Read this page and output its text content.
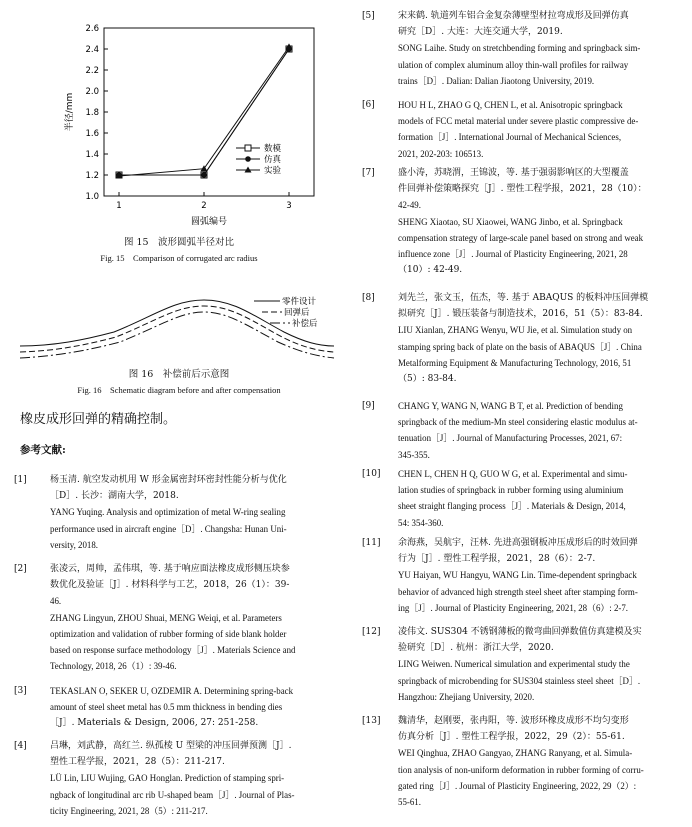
1.0
1.2
1.4
1.6
1.8
2.0
2.2
2.4
2.6
1	2	3
半径/mm
圆弧编号
数模
仿真
实验
图 15　波形圆弧半径对比
Fig. 15　Comparison of corrugated arc radius
零件设计
回弹后
补偿后
图 16　补偿前后示意图
Fig. 16　Schematic diagram before and after compensation
橡皮成形回弹的精确控制。
参考文献:
[1]	杨玉清. 航空发动机用 W 形金属密封环密封性能分析与优化
［D］. 长沙：湖南大学，2018.
YANG Yuqing. Analysis and optimization of metal W-ring sealing
performance used in aircraft engine［D］. Changsha: Hunan Uni-
versity, 2018.
[2]	张凌云，周帅，孟伟琪，等. 基于响应面法橡皮成形侧压块参
数优化及验证［J］. 材料科学与工艺，2018，26（1）：39-
46.
ZHANG Lingyun, ZHOU Shuai, MENG Weiqi, et al. Parameters
optimization and validation of rubber forming of side blank holder
based on response surface methodology［J］. Materials Science and
Technology, 2018, 26（1）: 39-46.
[3]	TEKASLAN O, SEKER U, OZDEMIR A. Determining spring-back
amount of steel sheet metal has 0.5 mm thickness in bending dies
［J］. Materials & Design, 2006, 27: 251-258.
[4]	吕琳，刘武静，高红兰. 纵孤棱 U 型梁的冲压回弹预测［J］.
塑性工程学报，2021，28（5）：211-217.
LÜ Lin, LIU Wujing, GAO Honglan. Prediction of stamping spri-
ngback of longitudinal arc rib U-shaped beam［J］. Journal of Plas-
ticity Engineering, 2021, 28（5）: 211-217.
[5]	宋来鹤. 轨道列车铝合金复杂薄壁型材拉弯成形及回弹仿真
研究［D］. 大连：大连交通大学，2019.
SONG Laihe. Study on stretchbending forming and springback sim-
ulation of complex aluminum alloy thin-wall profiles for railway
trains［D］. Dalian: Dalian Jiaotong University, 2019.
[6]	HOU H L, ZHAO G Q, CHEN L, et al. Anisotropic springback
models of FCC metal material under severe plastic compressive de-
formation［J］. International Journal of Mechanical Sciences,
2021, 202-203: 106513.
[7]	盛小涛，苏晓渭，王锦波，等. 基于强弱影响区的大型覆盖
件回弹补偿策略探究［J］. 塑性工程学报，2021，28（10）：
42-49.
SHENG Xiaotao, SU Xiaowei, WANG Jinbo, et al. Springback
compensation strategy of large-scale panel based on strong and weak
influence zone［J］. Journal of Plasticity Engineering, 2021, 28
（10）: 42-49.
[8]	刘先兰，张文玉，伍杰，等. 基于 ABAQUS 的板料冲压回弹模
拟研究［J］. 锻压装备与制造技术，2016，51（5）：83-84.
LIU Xianlan, ZHANG Wenyu, WU Jie, et al. Simulation study on
stamping spring back of plate on the basis of ABAQUS［J］. China
Metalforming Equipment & Manufacturing Technology, 2016, 51
（5）: 83-84.
[9]	CHANG Y, WANG N, WANG B T, et al. Prediction of bending
springback of the medium-Mn steel considering elastic modulus at-
tenuation［J］. Journal of Manufacturing Processes, 2021, 67:
345-355.
[10]	CHEN L, CHEN H Q, GUO W G, et al. Experimental and simu-
lation studies of springback in rubber forming using aluminium
sheet straight flanging process［J］. Materials & Design, 2014,
54: 354-360.
[11]	余海燕，吴航宇，汪林. 先进高强钢板冲压成形后的时效回弹
行为［J］. 塑性工程学报，2021，28（6）：2-7.
YU Haiyan, WU Hangyu, WANG Lin. Time-dependent springback
behavior of advanced high strength steel sheet after stamping form-
ing［J］. Journal of Plasticity Engineering, 2021, 28（6）: 2-7.
[12]	凌伟文. SUS304 不锈钢薄板的微弯曲回弹数值仿真建模及实
验研究［D］. 杭州：浙江大学，2020.
LING Weiwen. Numerical simulation and experimental study the
springback of microbending for SUS304 stainless steel sheet［D］.
Hangzhou: Zhejiang University, 2020.
[13]	魏清华，赵刚要，张冉阳，等. 波形环橡皮成形不均匀变形
仿真分析［J］. 塑性工程学报，2022，29（2）：55-61.
WEI Qinghua, ZHAO Gangyao, ZHANG Ranyang, et al. Simula-
tion analysis of non-uniform deformation in rubber forming of corru-
gated ring［J］. Journal of Plasticity Engineering, 2022, 29（2）:
55-61.
